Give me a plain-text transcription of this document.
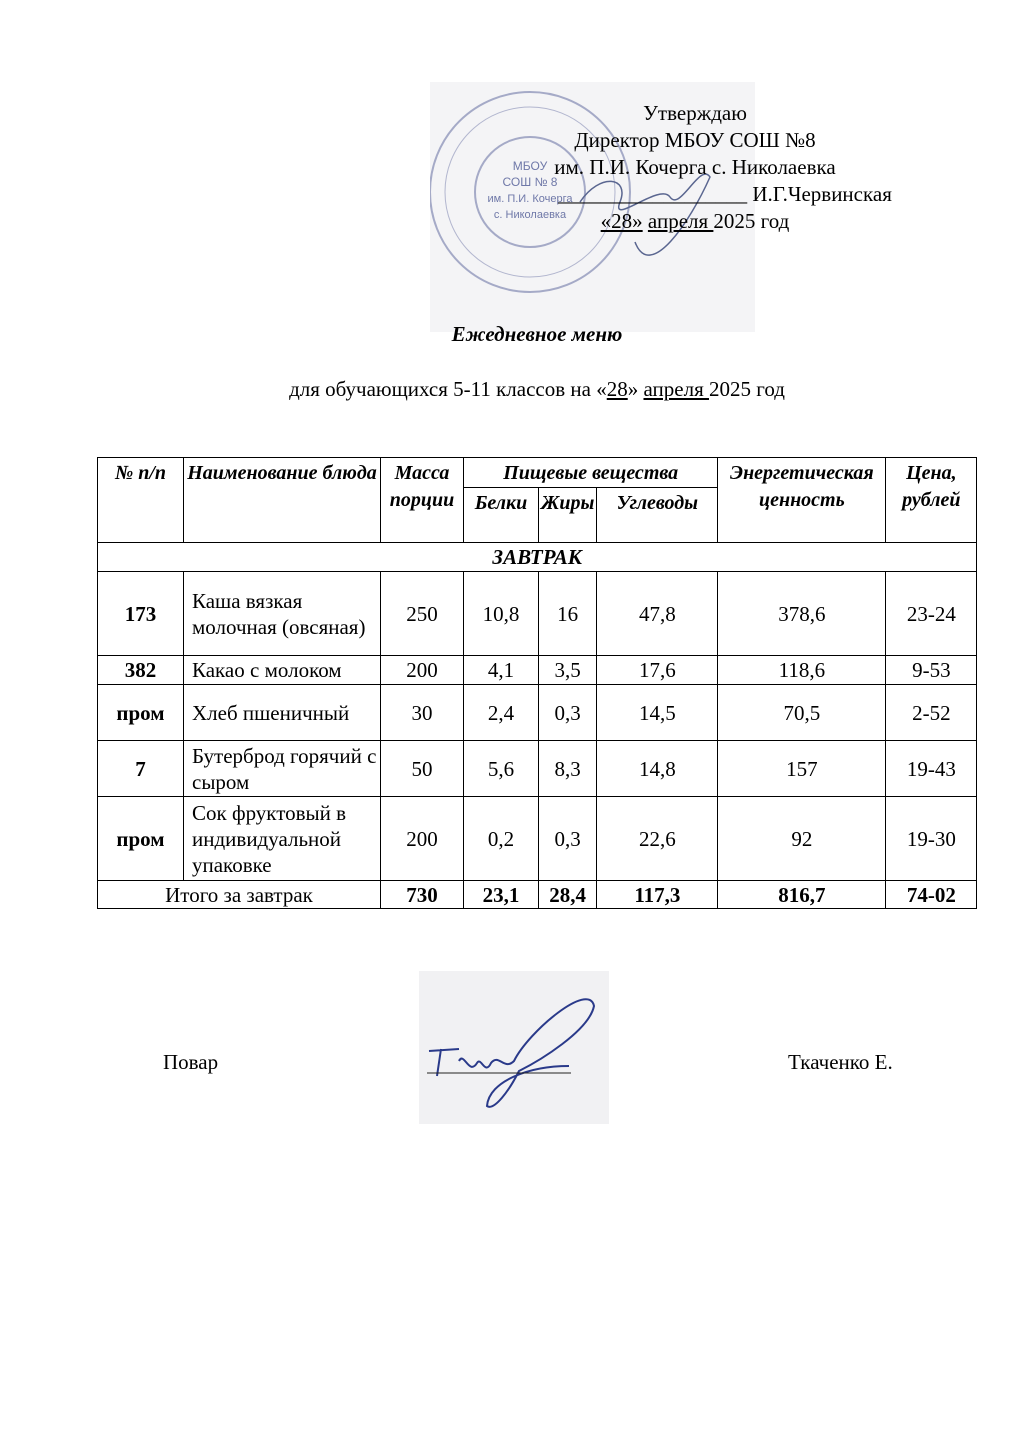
МБОУ
СОШ № 8
им. П.И. Кочерга
с. Николаевка
Утверждаю
Директор МБОУ СОШ №8
им. П.И. Кочерга с. Николаевка
__________________ И.Г.Червинская
«28» апреля 2025 год
Ежедневное меню
для обучающихся 5-11 классов на «28» апреля 2025 год
№ п/п	Наименование блюда	Масса порции	Пищевые вещества			Энергетическая ценность	Цена, рублей
			Белки	Жиры	Углеводы		
ЗАВТРАК							
173	Каша вязкая молочная (овсяная)	250	10,8	16	47,8	378,6	23-24
382	Какао с молоком	200	4,1	3,5	17,6	118,6	9-53
пром	Хлеб пшеничный	30	2,4	0,3	14,5	70,5	2-52
7	Бутерброд горячий с сыром	50	5,6	8,3	14,8	157	19-43
пром	Сок фруктовый в индивидуальной упаковке	200	0,2	0,3	22,6	92	19-30
Итого за завтрак		730	23,1	28,4	117,3	816,7	74-02
Повар	Ткаченко Е.
